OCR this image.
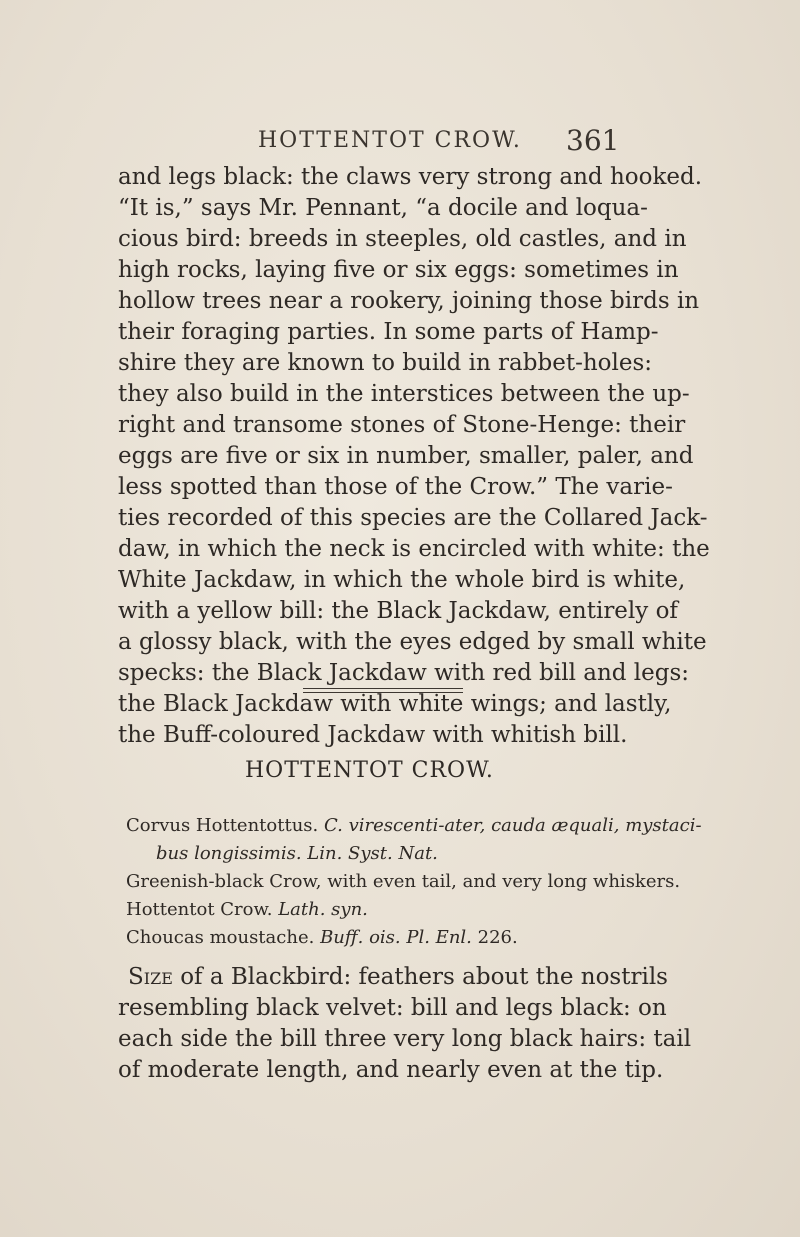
HOTTENTOT CROW. 361
and legs black: the claws very strong and hooked.
“It is,” says Mr. Pennant, “a docile and loqua-
cious bird: breeds in steeples, old castles, and in
high rocks, laying five or six eggs: sometimes in
hollow trees near a rookery, joining those birds in
their foraging parties. In some parts of Hamp-
shire they are known to build in rabbet-holes:
they also build in the interstices between the up-
right and transome stones of Stone-Henge: their
eggs are five or six in number, smaller, paler, and
less spotted than those of the Crow.” The varie-
ties recorded of this species are the Collared Jack-
daw, in which the neck is encircled with white: the
White Jackdaw, in which the whole bird is white,
with a yellow bill: the Black Jackdaw, entirely of
a glossy black, with the eyes edged by small white
specks: the Black Jackdaw with red bill and legs:
the Black Jackdaw with white wings; and lastly,
the Buff-coloured Jackdaw with whitish bill.
HOTTENTOT CROW.
Corvus Hottentottus. C. virescenti-ater, cauda æquali, mystaci-
bus longissimis. Lin. Syst. Nat.
Greenish-black Crow, with even tail, and very long whiskers.
Hottentot Crow. Lath. syn.
Choucas moustache. Buff. ois. Pl. Enl. 226.
Size of a Blackbird: feathers about the nostrils
resembling black velvet: bill and legs black: on
each side the bill three very long black hairs: tail
of moderate length, and nearly even at the tip.
